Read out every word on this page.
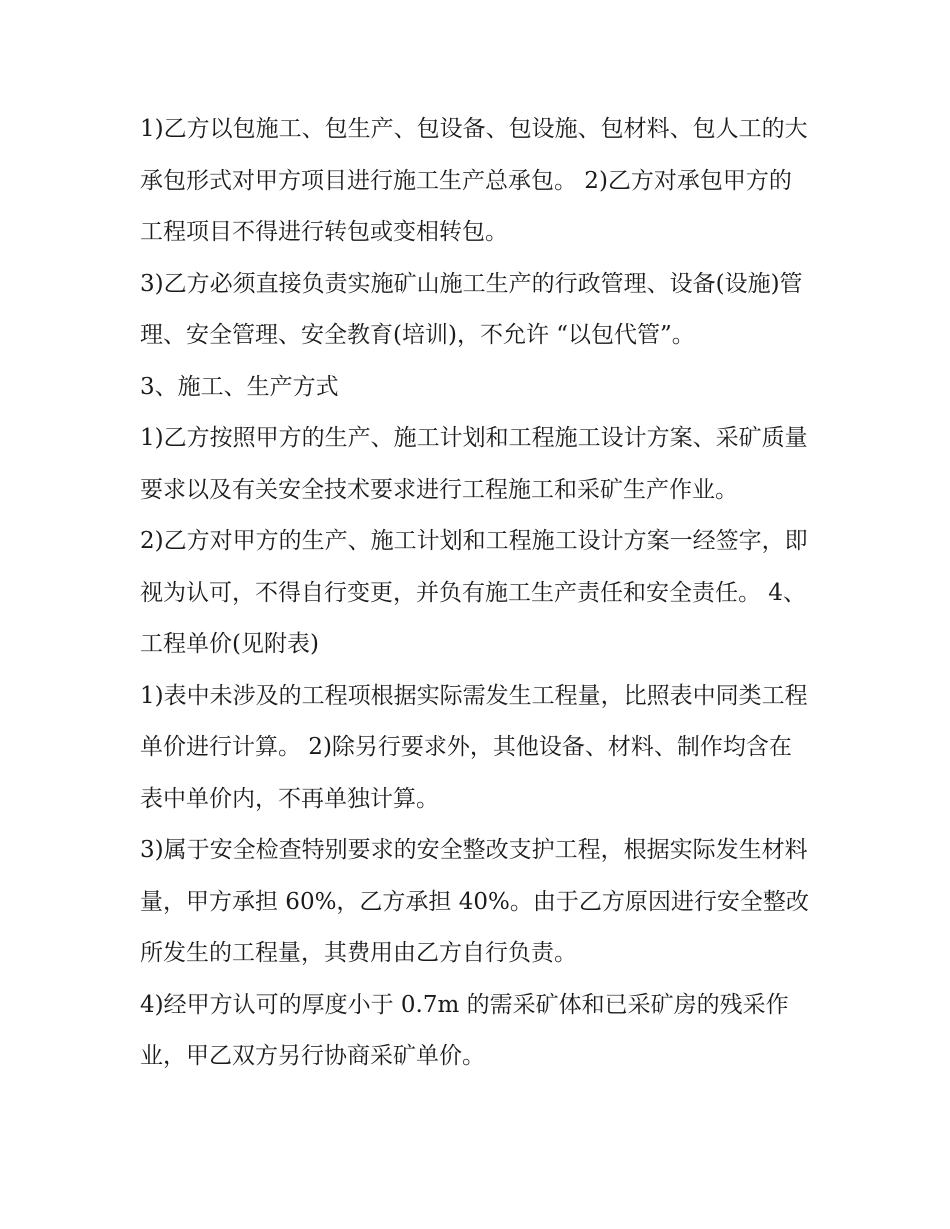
1)乙方以包施工、包生产、包设备、包设施、包材料、包人工的大承包形式对甲方项目进行施工生产总承包。 2)乙方对承包甲方的工程项目不得进行转包或变相转包。

3)乙方必须直接负责实施矿山施工生产的行政管理、设备(设施)管理、安全管理、安全教育(培训)，不允许 “以包代管”。

3、施工、生产方式

1)乙方按照甲方的生产、施工计划和工程施工设计方案、采矿质量要求以及有关安全技术要求进行工程施工和采矿生产作业。

2)乙方对甲方的生产、施工计划和工程施工设计方案一经签字，即视为认可，不得自行变更，并负有施工生产责任和安全责任。 4、工程单价(见附表)

1)表中未涉及的工程项根据实际需发生工程量，比照表中同类工程单价进行计算。 2)除另行要求外，其他设备、材料、制作均含在表中单价内，不再单独计算。

3)属于安全检查特别要求的安全整改支护工程，根据实际发生材料量，甲方承担 60%，乙方承担 40%。由于乙方原因进行安全整改所发生的工程量，其费用由乙方自行负责。

4)经甲方认可的厚度小于 0.7m 的需采矿体和已采矿房的残采作业，甲乙双方另行协商采矿单价。
